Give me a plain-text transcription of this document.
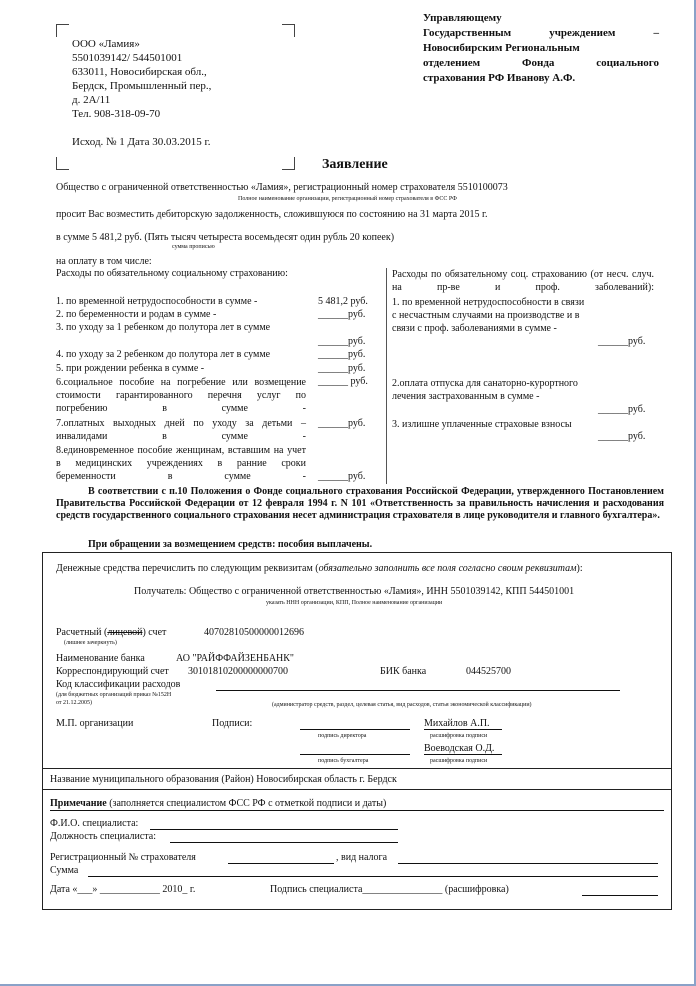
ООО «Ламия»
5501039142/ 544501001
633011, Новосибирская обл.,
Бердск, Промышленный пер.,
д. 2А/11
Тел. 908-318-09-70
Исход. № 1 Дата 30.03.2015 г.
Управляющему
Государственным учреждением –
Новосибирским Региональным
отделением Фонда социального
страхования РФ Иванову А.Ф.
Заявление
Общество с ограниченной ответственностью «Ламия», регистрационный номер страхователя 5510100073
Полное наименование организации, регистрационный номер страхователя в ФСС РФ
просит Вас возместить дебиторскую задолженность, сложившуюся по состоянию на 31 марта 2015 г.
в сумме 5 481,2 руб. (Пять тысяч четыреста восемьдесят один рубль 20 копеек)
сумма прописью
на оплату в том числе:
Расходы по обязательному социальному страхованию:
1. по временной нетрудоспособности в сумме -	5 481,2 руб.
2. по беременности и родам в сумме -	______руб.
3. по уходу за 1 ребенком до полутора лет в сумме
______руб.
4. по уходу за 2 ребенком до полутора лет в сумме	______руб.
5. при рождении ребенка в сумме -	______руб.
6.социальное пособие на погребение или возмещение стоимости гарантированного перечня услуг по погребению в сумме -
______ руб.
7.оплатных выходных дней по уходу за детьми – инвалидами в сумме -
______руб.
8.единовременное пособие женщинам, вставшим на учет в медицинских учреждениях в ранние сроки беременности в сумме - ______руб.
Расходы по обязательному соц. страхованию (от несч. случ. на пр-ве и проф. заболеваний):
1. по временной нетрудоспособности в связи с несчастным случаями на производстве и в связи с проф. заболеваниями в сумме -
______руб.
2.оплата отпуска для санаторно-курортного лечения застрахованным в сумме -
______руб.
3. излишне уплаченные страховые взносы
______руб.
В соответствии с п.10 Положения о Фонде социального страхования Российской Федерации, утвержденного Постановлением Правительства Российской Федерации от 12 февраля 1994 г. N 101 «Ответственность за правильность начисления и расходования средств государственного социального страхования несет администрация страхователя в лице руководителя и главного бухгалтера».
При обращении за возмещением средств: пособия выплачены.
Денежные средства перечислить по следующим реквизитам (обязательно заполнить все поля согласно своим реквизитам):
Получатель: Общество с ограниченной ответственностью «Ламия», ИНН 5501039142, КПП 544501001
указать ННН организации, КПП, Полное наименование организации
Расчетный (лицевой) счет	40702810500000012696
(лишнее зачеркнуть)
Наименование банка	АО "РАЙФФАЙЗЕНБАНК"
Корреспондирующий счет 30101810200000000700	БИК банка	044525700
Код классификации расходов
(для бюджетных организаций приказ №152Н
от 21.12.2005)	(администратор средств, раздел, целевая статья, вид расходов, статья экономической классификации)
М.П. организации	Подписи:
подпись директора
Михайлов А.П.
расшифровка подписи
подпись бухгалтера
Воеводская О.Д.
расшифровка подписи
Название муниципального образования (Район) Новосибирская область г. Бердск
Примечание (заполняется специалистом ФСС РФ с отметкой подписи и даты)
Ф.И.О. специалиста:
Должность специалиста:
Регистрационный № страхователя	, вид налога
Сумма
Дата «___» ____________ 2010_ г.	Подпись специалиста________________ (расшифровка)
